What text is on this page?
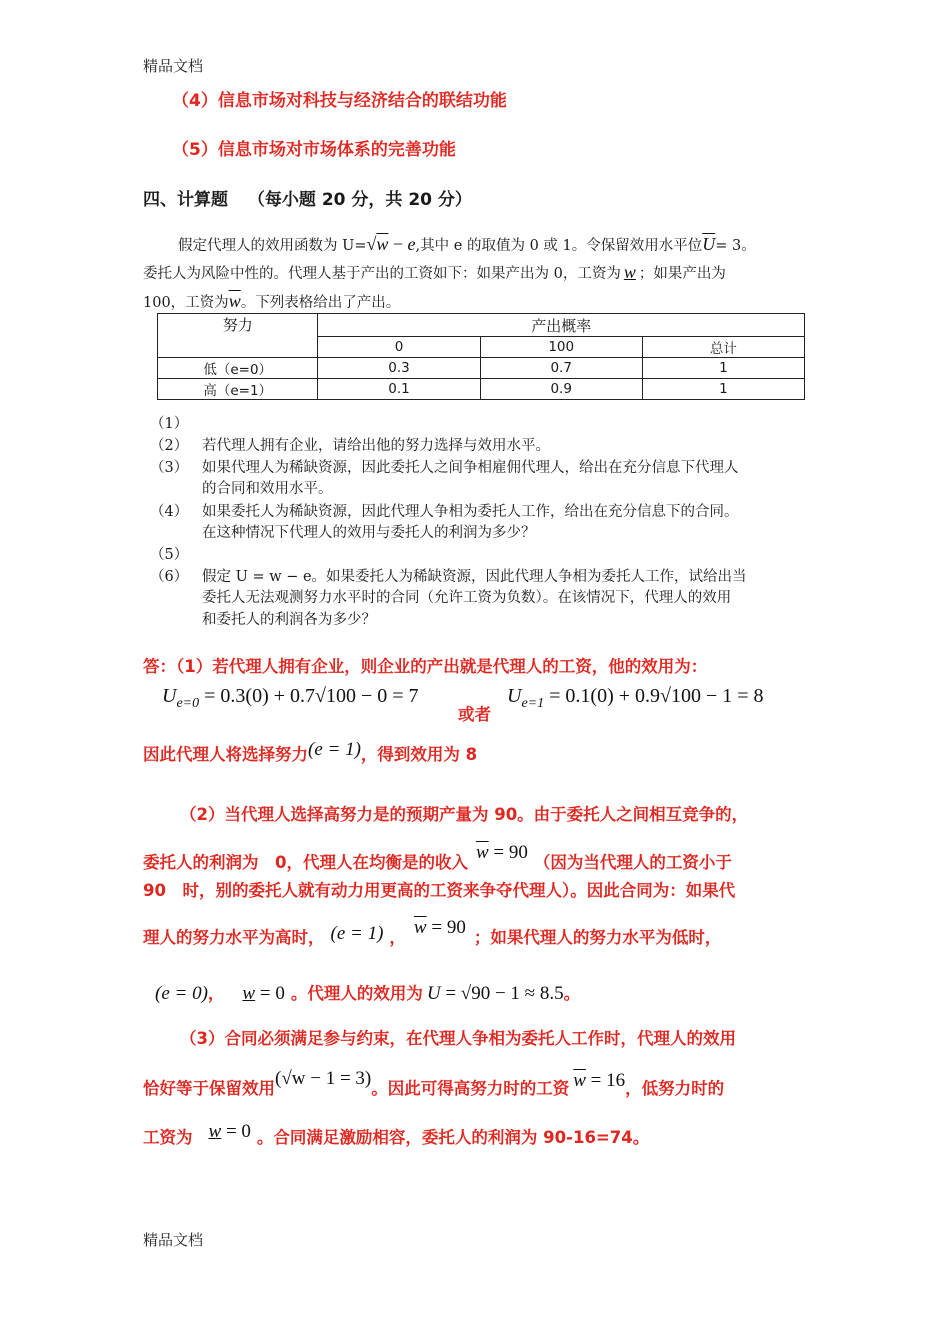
精品文档
精品文档
（4）信息市场对科技与经济结合的联结功能
（5）信息市场对市场体系的完善功能
四、计算题 （每小题 20 分，共 20 分）
假定代理人的效用函数为 U=√w − e,其中 e 的取值为 0 或 1。令保留效用水平位$\overline{U}= 3$。
委托人为风险中性的。代理人基于产出的工资如下：如果产出为 0，工资为 w ；如果产出为
100，工资为$\overline{w}$。下列表格给出了产出。
努力	产出概率		
	0	100	总计
低（e=0）	0.3	0.7	1
高（e=1）	0.1	0.9	1
（1）
（2） 若代理人拥有企业，请给出他的努力选择与效用水平。
（3） 如果代理人为稀缺资源，因此委托人之间争相雇佣代理人，给出在充分信息下代理人
的合同和效用水平。
（4） 如果委托人为稀缺资源，因此代理人争相为委托人工作，给出在充分信息下的合同。
在这种情况下代理人的效用与委托人的利润为多少？
（5）
（6） 假定 U = w − e。如果委托人为稀缺资源，因此代理人争相为委托人工作，试给出当
委托人无法观测努力水平时的合同（允许工资为负数）。在该情况下，代理人的效用
和委托人的利润各为多少？
答：（1）若代理人拥有企业，则企业的产出就是代理人的工资，他的效用为：
$U_{e=0} = 0.3(0) + 0.7√100 - 0 = 7$
或者
$U_{e=1} = 0.1(0) + 0.9√100 - 1 = 8$
因此代理人将选择努力(e = 1)，得到效用为 8
（2）当代理人选择高努力是的预期产量为 90。由于委托人之间相互竞争的，
委托人的利润为　0，代理人在均衡是的收入 $\overline{w} = 90$ （因为当代理人的工资小于
90　时，别的委托人就有动力用更高的工资来争夺代理人）。因此合同为：如果代
理人的努力水平为高时， (e = 1) ， $\overline{w} = 90$ ；如果代理人的努力水平为低时，
(e = 0)， w = 0 。代理人的效用为 U = √90 − 1 ≈ 8.5。
（3）合同必须满足参与约束，在代理人争相为委托人工作时，代理人的效用
恰好等于保留效用(√w − 1 = 3)。因此可得高努力时的工资 $\overline{w} = 16$，低努力时的
工资为 w = 0 。合同满足激励相容，委托人的利润为 90-16=74。
